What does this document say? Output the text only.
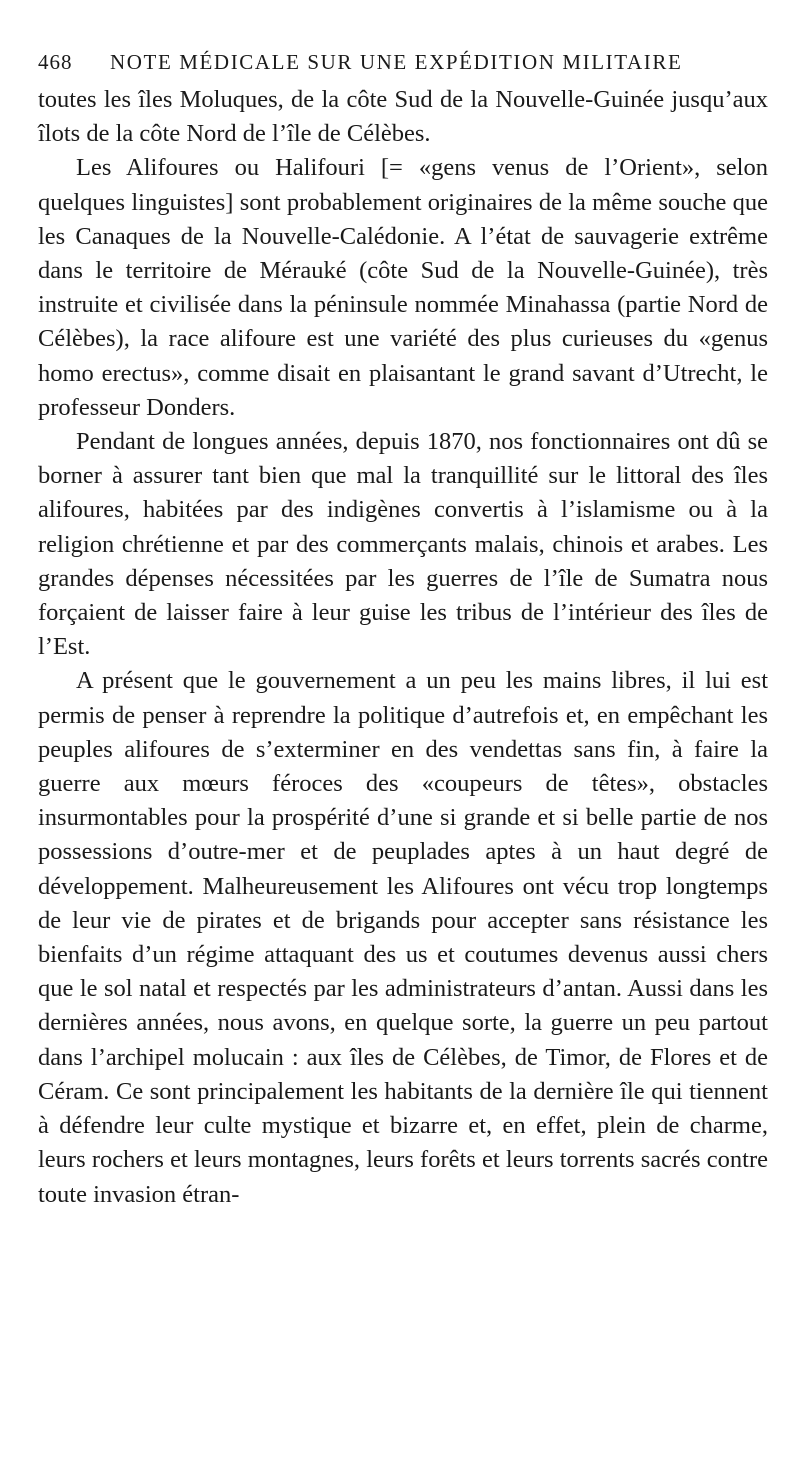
468	NOTE MÉDICALE SUR UNE EXPÉDITION MILITAIRE

toutes les îles Moluques, de la côte Sud de la Nouvelle-Guinée jusqu’aux îlots de la côte Nord de l’île de Célèbes.

Les Alifoures ou Halifouri [= «gens venus de l’Orient», selon quelques linguistes] sont probablement originaires de la même souche que les Canaques de la Nouvelle-Calédonie. A l’état de sauvagerie extrême dans le territoire de Mérauké (côte Sud de la Nouvelle-Guinée), très instruite et civilisée dans la péninsule nommée Minahassa (partie Nord de Célèbes), la race alifoure est une variété des plus curieuses du «genus homo erectus», comme disait en plaisantant le grand savant d’Utrecht, le professeur Donders.

Pendant de longues années, depuis 1870, nos fonctionnaires ont dû se borner à assurer tant bien que mal la tranquillité sur le littoral des îles alifoures, habitées par des indigènes convertis à l’islamisme ou à la religion chrétienne et par des commerçants malais, chinois et arabes. Les grandes dépenses nécessitées par les guerres de l’île de Sumatra nous forçaient de laisser faire à leur guise les tribus de l’intérieur des îles de l’Est.

A présent que le gouvernement a un peu les mains libres, il lui est permis de penser à reprendre la politique d’autrefois et, en empêchant les peuples alifoures de s’exterminer en des vendettas sans fin, à faire la guerre aux mœurs féroces des «coupeurs de têtes», obstacles insurmontables pour la prospérité d’une si grande et si belle partie de nos possessions d’outre-mer et de peuplades aptes à un haut degré de développement. Malheureusement les Alifoures ont vécu trop longtemps de leur vie de pirates et de brigands pour accepter sans résistance les bienfaits d’un régime attaquant des us et coutumes devenus aussi chers que le sol natal et respectés par les administrateurs d’antan. Aussi dans les dernières années, nous avons, en quelque sorte, la guerre un peu partout dans l’archipel molucain : aux îles de Célèbes, de Timor, de Flores et de Céram. Ce sont principalement les habitants de la dernière île qui tiennent à défendre leur culte mystique et bizarre et, en effet, plein de charme, leurs rochers et leurs montagnes, leurs forêts et leurs torrents sacrés contre toute invasion étran-
